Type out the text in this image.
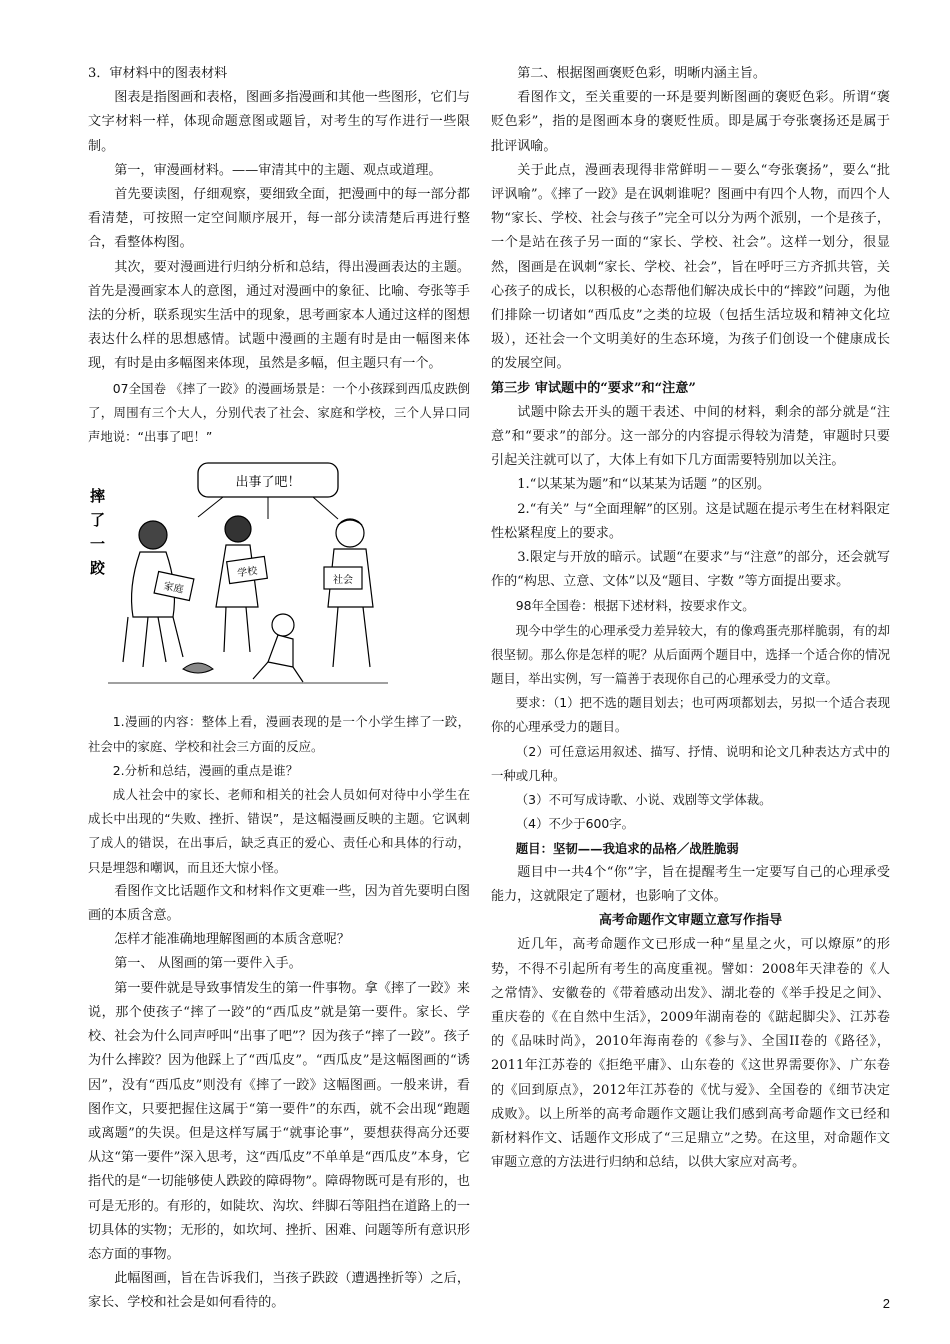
3．审材料中的图表材料

图表是指图画和表格，图画多指漫画和其他一些图形，它们与文字材料一样，体现命题意图或题旨，对考生的写作进行一些限制。

第一，审漫画材料。——审清其中的主题、观点或道理。

首先要读图，仔细观察，要细致全面，把漫画中的每一部分都看清楚，可按照一定空间顺序展开，每一部分读清楚后再进行整合，看整体构图。

其次，要对漫画进行归纳分析和总结，得出漫画表达的主题。首先是漫画家本人的意图，通过对漫画中的象征、比喻、夸张等手法的分析，联系现实生活中的现象，思考画家本人通过这样的图想表达什么样的思想感情。试题中漫画的主题有时是由一幅图来体现，有时是由多幅图来体现，虽然是多幅，但主题只有一个。

07全国卷 《摔了一跤》的漫画场景是：一个小孩踩到西瓜皮跌倒了，周围有三个大人，分别代表了社会、家庭和学校，三个人异口同声地说：“出事了吧！”

摔
了
一
跤
出事了吧！
家庭
学校
社会

1.漫画的内容：整体上看，漫画表现的是一个小学生摔了一跤，社会中的家庭、学校和社会三方面的反应。

2.分析和总结，漫画的重点是谁？

成人社会中的家长、老师和相关的社会人员如何对待中小学生在成长中出现的“失败、挫折、错误”，是这幅漫画反映的主题。它讽刺了成人的错误，在出事后，缺乏真正的爱心、责任心和具体的行动，只是埋怨和嘲讽，而且还大惊小怪。

看图作文比话题作文和材料作文更难一些，因为首先要明白图画的本质含意。

怎样才能准确地理解图画的本质含意呢？

第一、 从图画的第一要件入手。

第一要件就是导致事情发生的第一件事物。拿《摔了一跤》来说，那个使孩子“摔了一跤”的“西瓜皮”就是第一要件。家长、学校、社会为什么同声呼叫“出事了吧”？因为孩子“摔了一跤”。孩子为什么摔跤？因为他踩上了“西瓜皮”。“西瓜皮”是这幅图画的“诱因”，没有“西瓜皮”则没有《摔了一跤》这幅图画。一般来讲，看图作文，只要把握住这属于“第一要件”的东西，就不会出现“跑题或离题”的失误。但是这样写属于“就事论事”，要想获得高分还要从这“第一要件”深入思考，这“西瓜皮”不单单是“西瓜皮”本身，它指代的是“一切能够使人跌跤的障碍物”。障碍物既可是有形的，也可是无形的。有形的，如陡坎、沟坎、绊脚石等阻挡在道路上的一切具体的实物；无形的，如坎坷、挫折、困难、问题等所有意识形态方面的事物。

此幅图画，旨在告诉我们，当孩子跌跤（遭遇挫折等）之后，家长、学校和社会是如何看待的。

第二、根据图画褒贬色彩，明晰内涵主旨。

看图作文，至关重要的一环是要判断图画的褒贬色彩。所谓“褒贬色彩”，指的是图画本身的褒贬性质。即是属于夸张褒扬还是属于批评讽喻。

关于此点，漫画表现得非常鲜明－－要么“夸张褒扬”，要么“批评讽喻”。《摔了一跤》是在讽刺谁呢？图画中有四个人物，而四个人物“家长、学校、社会与孩子”完全可以分为两个派别，一个是孩子，一个是站在孩子另一面的“家长、学校、社会”。这样一划分，很显然，图画是在讽刺“家长、学校、社会”，旨在呼吁三方齐抓共管，关心孩子的成长，以积极的心态帮他们解决成长中的“摔跤”问题，为他们排除一切诸如“西瓜皮”之类的垃圾（包括生活垃圾和精神文化垃圾），还社会一个文明美好的生态环境，为孩子们创设一个健康成长的发展空间。

第三步 审试题中的“要求”和“注意”

试题中除去开头的题干表述、中间的材料，剩余的部分就是“注意”和“要求”的部分。这一部分的内容提示得较为清楚，审题时只要引起关注就可以了，大体上有如下几方面需要特别加以关注。

1.“以某某为题”和“以某某为话题 ”的区别。

2.“有关” 与“全面理解”的区别。这是试题在提示考生在材料限定性松紧程度上的要求。

3.限定与开放的暗示。试题“在要求”与“注意”的部分，还会就写作的“构思、立意、文体”以及“题目、字数 ”等方面提出要求。

98年全国卷：根据下述材料，按要求作文。

现今中学生的心理承受力差异较大，有的像鸡蛋壳那样脆弱，有的却很坚韧。那么你是怎样的呢？从后面两个题目中，选择一个适合你的情况题目，举出实例，写一篇善于表现你自己的心理承受力的文章。

要求：（1）把不选的题目划去；也可两项都划去，另拟一个适合表现你的心理承受力的题目。

（2）可任意运用叙述、描写、抒情、说明和论文几种表达方式中的一种或几种。

（3）不可写成诗歌、小说、戏剧等文学体裁。

（4）不少于600字。

题目：坚韧——我追求的品格／战胜脆弱

题目中一共4个“你”字，旨在提醒考生一定要写自己的心理承受能力，这就限定了题材，也影响了文体。

高考命题作文审题立意写作指导

近几年，高考命题作文已形成一种“星星之火，可以燎原”的形势，不得不引起所有考生的高度重视。譬如：2008年天津卷的《人之常情》、安徽卷的《带着感动出发》、湖北卷的《举手投足之间》、重庆卷的《在自然中生活》，2009年湖南卷的《踮起脚尖》、江苏卷的《品味时尚》，2010年海南卷的《参与》、全国II卷的《路径》，2011年江苏卷的《拒绝平庸》、山东卷的《这世界需要你》、广东卷的《回到原点》，2012年江苏卷的《忧与爱》、全国卷的《细节决定成败》。以上所举的高考命题作文题让我们感到高考命题作文已经和新材料作文、话题作文形成了“三足鼎立”之势。在这里，对命题作文审题立意的方法进行归纳和总结，以供大家应对高考。

2
